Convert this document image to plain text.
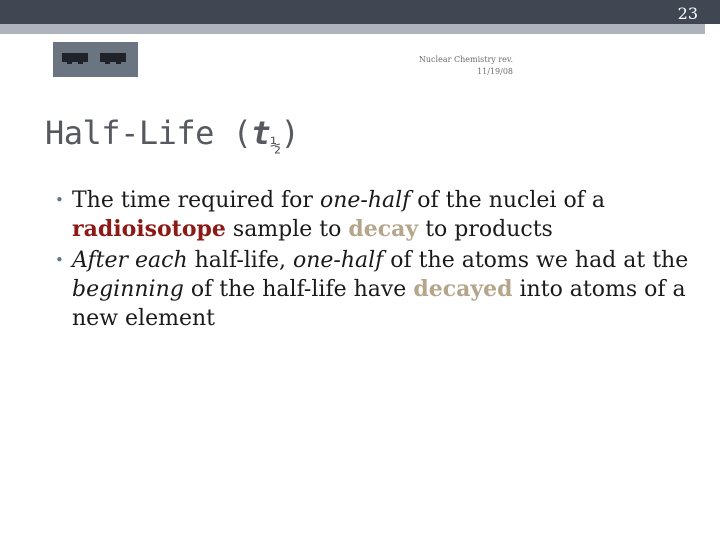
23
Nuclear Chemistry rev.
11/19/08
Half-Life $(t_{\frac{1}{2}})$
• The time required for one-half of the nuclei of a radioisotope sample to decay to products
• After each half-life, one-half of the atoms we had at the beginning of the half-life have decayed into atoms of a new element
